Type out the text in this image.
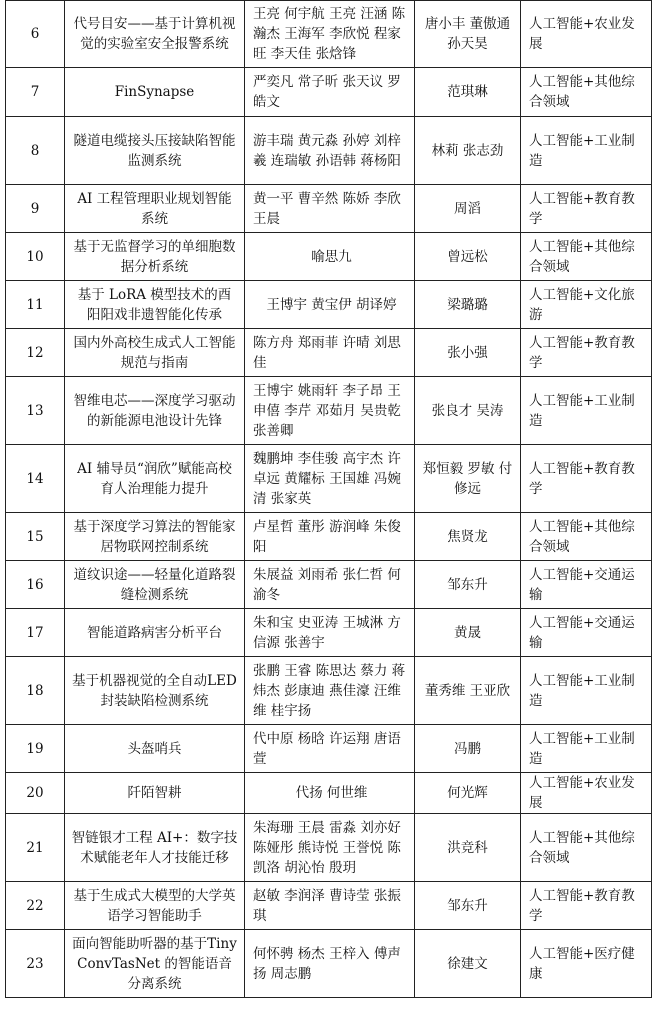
6	代号目安——基于计算机视觉的实验室安全报警系统	王亮 何宇航 王亮 汪涵 陈瀚杰 王海军 李欣悦 程家旺 李天佳 张焓锋	唐小丰 董傲通 孙天昊	人工智能+农业发展
7	FinSynapse	严奕凡 常子昕 张天议 罗皓文	范琪琳	人工智能+其他综合领域
8	隧道电缆接头压接缺陷智能监测系统	游丰瑞 黄元淼 孙婷 刘梓羲 连瑞敏 孙语韩 蒋杨阳	林莉 张志劲	人工智能+工业制造
9	AI 工程管理职业规划智能系统	黄一平 曹辛然 陈娇 李欣 王晨	周滔	人工智能+教育教学
10	基于无监督学习的单细胞数据分析系统	喻思九	曾远松	人工智能+其他综合领域
11	基于 LoRA 模型技术的酉阳阳戏非遗智能化传承	王博宇 黄宝伊 胡译婷	梁璐璐	人工智能+文化旅游
12	国内外高校生成式人工智能规范与指南	陈方舟 郑雨菲 许晴 刘思佳	张小强	人工智能+教育教学
13	智维电芯——深度学习驱动的新能源电池设计先锋	王博宇 姚雨轩 李子昂 王申僖 李芹 邓茹月 吴贵乾 张善卿	张良才 吴涛	人工智能+工业制造
14	AI 辅导员“润欣”赋能高校育人治理能力提升	魏鹏坤 李佳骏 高宇杰 许卓远 黄耀标 王国雄 冯婉清 张家英	郑恒毅 罗敏 付修远	人工智能+教育教学
15	基于深度学习算法的智能家居物联网控制系统	卢星哲 董彤 游润峰 朱俊阳	焦贤龙	人工智能+其他综合领域
16	道纹识途——轻量化道路裂缝检测系统	朱展益 刘雨希 张仁哲 何渝冬	邹东升	人工智能+交通运输
17	智能道路病害分析平台	朱和宝 史亚涛 王城淋 方信源 张善宇	黄晟	人工智能+交通运输
18	基于机器视觉的全自动LED 封装缺陷检测系统	张鹏 王睿 陈思达 蔡力 蒋炜杰 彭康迪 燕佳濠 汪维维 桂宇扬	董秀维 王亚欣	人工智能+工业制造
19	头盔哨兵	代中原 杨晗 许运翔 唐语萱	冯鹏	人工智能+工业制造
20	阡陌智耕	代扬 何世维	何光辉	人工智能+农业发展
21	智链银才工程 AI+：数字技术赋能老年人才技能迁移	朱海珊 王晨 雷淼 刘亦好 陈娅彤 熊诗悦 王誉悦 陈凯洛 胡沁怡 殷玥	洪竞科	人工智能+其他综合领域
22	基于生成式大模型的大学英语学习智能助手	赵敏 李润泽 曹诗莹 张振琪	邹东升	人工智能+教育教学
23	面向智能助听器的基于TinyConvTasNet 的智能语音分离系统	何怀骋 杨杰 王梓入 傅声扬 周志鹏	徐建文	人工智能+医疗健康
